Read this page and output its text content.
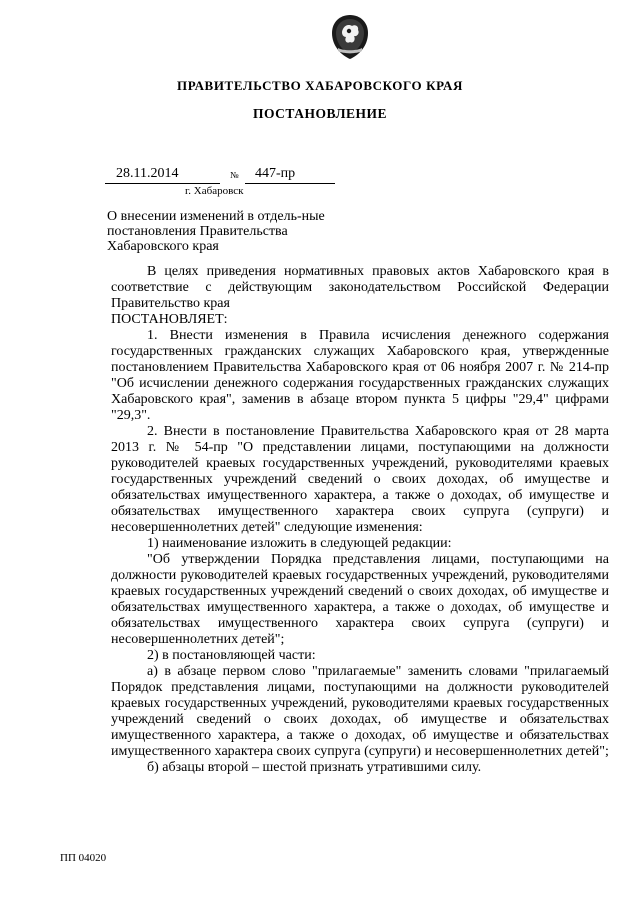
ПРАВИТЕЛЬСТВО ХАБАРОВСКОГО КРАЯ
ПОСТАНОВЛЕНИЕ
28.11.2014	№ 447-пр
г. Хабаровск
О внесении изменений в отдель-ные постановления Правительства Хабаровского края

В целях приведения нормативных правовых актов Хабаровского края в соответствие с действующим законодательством Российской Федерации Правительство края

ПОСТАНОВЛЯЕТ:

1. Внести изменения в Правила исчисления денежного содержания государственных гражданских служащих Хабаровского края, утвержденные постановлением Правительства Хабаровского края от 06 ноября 2007 г. № 214-пр "Об исчислении денежного содержания государственных гражданских служащих Хабаровского края", заменив в абзаце втором пункта 5 цифры "29,4" цифрами "29,3".

2. Внести в постановление Правительства Хабаровского края от 28 марта 2013 г. № 54-пр "О представлении лицами, поступающими на должности руководителей краевых государственных учреждений, руководителями краевых государственных учреждений сведений о своих доходах, об имуществе и обязательствах имущественного характера, а также о доходах, об имуществе и обязательствах имущественного характера своих супруга (супруги) и несовершеннолетних детей" следующие изменения:

1) наименование изложить в следующей редакции:

"Об утверждении Порядка представления лицами, поступающими на должности руководителей краевых государственных учреждений, руководителями краевых государственных учреждений сведений о своих доходах, об имуществе и обязательствах имущественного характера, а также о доходах, об имуществе и обязательствах имущественного характера своих супруга (супруги) и несовершеннолетних детей";

2) в постановляющей части:

а) в абзаце первом слово "прилагаемые" заменить словами "прилагаемый Порядок представления лицами, поступающими на должности руководителей краевых государственных учреждений, руководителями краевых государственных учреждений сведений о своих доходах, об имуществе и обязательствах имущественного характера, а также о доходах, об имуществе и обязательствах имущественного характера своих супруга (супруги) и несовершеннолетних детей";

б) абзацы второй – шестой признать утратившими силу.

ПП 04020
